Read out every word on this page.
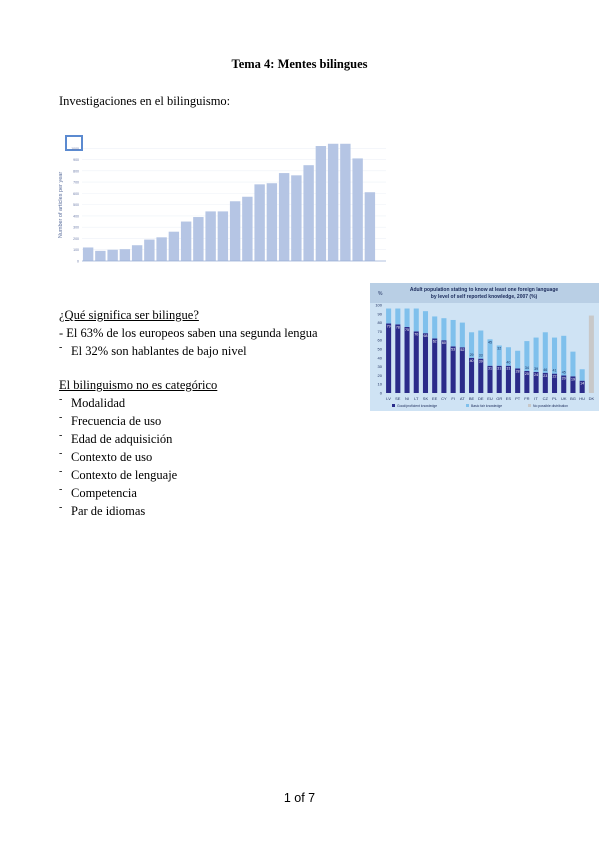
Tema 4: Mentes bilingues
Investigaciones en el bilinguismo:
Number of articles per year
0
100
200
300
400
500
600
700
800
900
1000
Adult population stating to know at least one foreign language
by level of self reported knowledge, 2007 (%)
%
0
10
20
30
40
50
60
70
80
90
100
79 78
75
70 68
62 60
53 52
40
29
39
33
31
45
31
32
31
40
28
25
34
24
39
23
46
22
41
20
45
19
14
LV SE NI LT SK EE CY FI AT BE DE EU GR ES PT FR IT CZ PL UK BG HU DK
Good/proficient knowledge	Basic fair knowledge	No possible distribution
¿Qué significa ser bilingue?
- El 63% de los europeos saben una segunda lengua
- El 32% son hablantes de bajo nivel
El bilinguismo no es categórico
- Modalidad
- Frecuencia de uso
- Edad de adquisición
- Contexto de uso
- Contexto de lenguaje
- Competencia
- Par de idiomas
1 of 7
